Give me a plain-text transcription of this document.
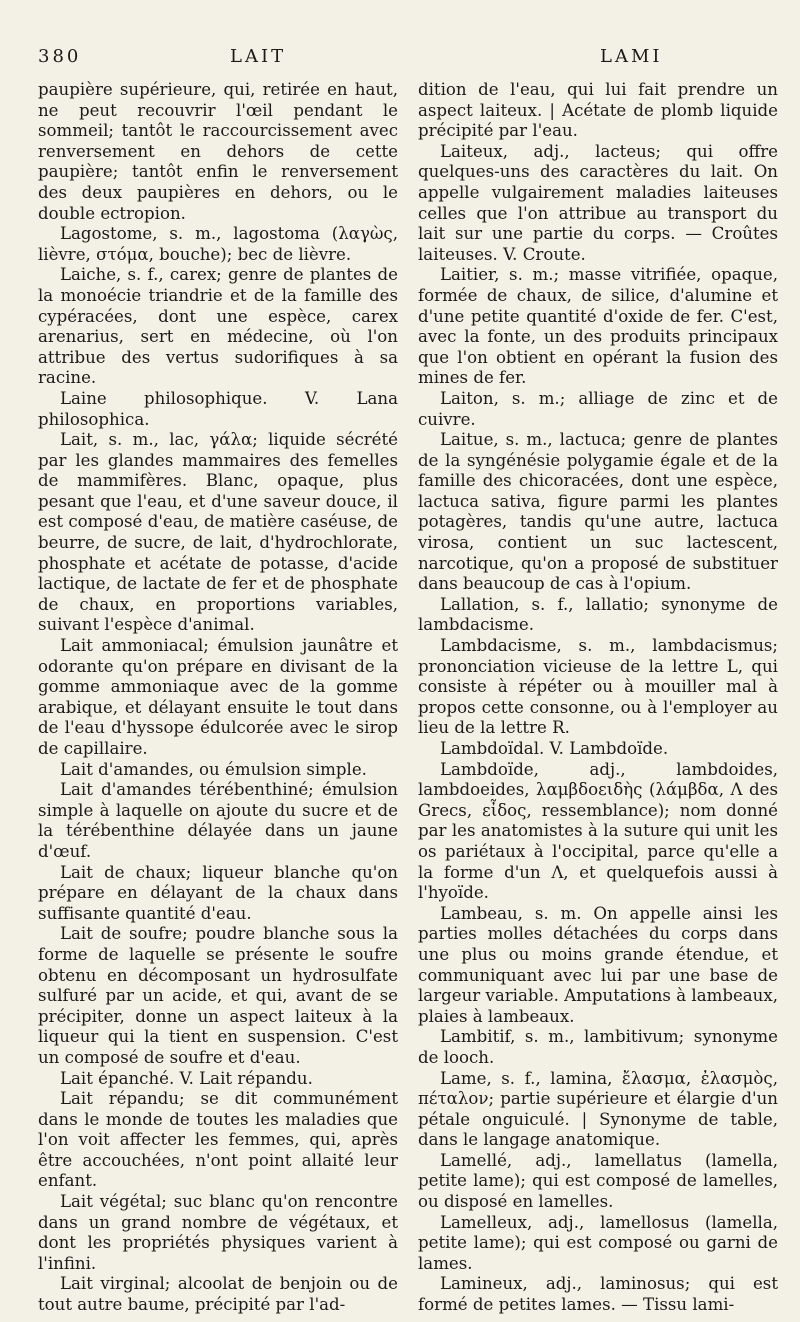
380	LAIT	LAMI

paupière supérieure, qui, retirée en haut, ne peut recouvrir l'œil pendant le sommeil; tantôt le raccourcissement avec renversement en dehors de cette paupière; tantôt enfin le renversement des deux paupières en dehors, ou le double ectropion.

Lagostome, s. m., lagostoma (λαγὼς, lièvre, στόμα, bouche); bec de lièvre.

Laiche, s. f., carex; genre de plantes de la monoécie triandrie et de la famille des cypéracées, dont une espèce, carex arenarius, sert en médecine, où l'on attribue des vertus sudorifiques à sa racine.

Laine philosophique. V. Lana philosophica.

Lait, s. m., lac, γάλα; liquide sécrété par les glandes mammaires des femelles de mammifères. Blanc, opaque, plus pesant que l'eau, et d'une saveur douce, il est composé d'eau, de matière caséuse, de beurre, de sucre, de lait, d'hydrochlorate, phosphate et acétate de potasse, d'acide lactique, de lactate de fer et de phosphate de chaux, en proportions variables, suivant l'espèce d'animal.

Lait ammoniacal; émulsion jaunâtre et odorante qu'on prépare en divisant de la gomme ammoniaque avec de la gomme arabique, et délayant ensuite le tout dans de l'eau d'hyssope édulcorée avec le sirop de capillaire.

Lait d'amandes, ou émulsion simple.

Lait d'amandes térébenthiné; émulsion simple à laquelle on ajoute du sucre et de la térébenthine délayée dans un jaune d'œuf.

Lait de chaux; liqueur blanche qu'on prépare en délayant de la chaux dans suffisante quantité d'eau.

Lait de soufre; poudre blanche sous la forme de laquelle se présente le soufre obtenu en décomposant un hydrosulfate sulfuré par un acide, et qui, avant de se précipiter, donne un aspect laiteux à la liqueur qui la tient en suspension. C'est un composé de soufre et d'eau.

Lait épanché. V. Lait répandu.

Lait répandu; se dit communément dans le monde de toutes les maladies que l'on voit affecter les femmes, qui, après être accouchées, n'ont point allaité leur enfant.

Lait végétal; suc blanc qu'on rencontre dans un grand nombre de végétaux, et dont les propriétés physiques varient à l'infini.

Lait virginal; alcoolat de benjoin ou de tout autre baume, précipité par l'ad-

dition de l'eau, qui lui fait prendre un aspect laiteux. | Acétate de plomb liquide précipité par l'eau.

Laiteux, adj., lacteus; qui offre quelques-uns des caractères du lait. On appelle vulgairement maladies laiteuses celles que l'on attribue au transport du lait sur une partie du corps. — Croûtes laiteuses. V. Croute.

Laitier, s. m.; masse vitrifiée, opaque, formée de chaux, de silice, d'alumine et d'une petite quantité d'oxide de fer. C'est, avec la fonte, un des produits principaux que l'on obtient en opérant la fusion des mines de fer.

Laiton, s. m.; alliage de zinc et de cuivre.

Laitue, s. m., lactuca; genre de plantes de la syngénésie polygamie égale et de la famille des chicoracées, dont une espèce, lactuca sativa, figure parmi les plantes potagères, tandis qu'une autre, lactuca virosa, contient un suc lactescent, narcotique, qu'on a proposé de substituer dans beaucoup de cas à l'opium.

Lallation, s. f., lallatio; synonyme de lambdacisme.

Lambdacisme, s. m., lambdacismus; prononciation vicieuse de la lettre L, qui consiste à répéter ou à mouiller mal à propos cette consonne, ou à l'employer au lieu de la lettre R.

Lambdoïdal. V. Lambdoïde.

Lambdoïde, adj., lambdoides, lambdoeides, λαμβδοειδὴς (λάμβδα, Λ des Grecs, εἶδος, ressemblance); nom donné par les anatomistes à la suture qui unit les os pariétaux à l'occipital, parce qu'elle a la forme d'un Λ, et quelquefois aussi à l'hyoïde.

Lambeau, s. m. On appelle ainsi les parties molles détachées du corps dans une plus ou moins grande étendue, et communiquant avec lui par une base de largeur variable. Amputations à lambeaux, plaies à lambeaux.

Lambitif, s. m., lambitivum; synonyme de looch.

Lame, s. f., lamina, ἔλασμα, ἐλασμὸς, πέταλον; partie supérieure et élargie d'un pétale onguiculé. | Synonyme de table, dans le langage anatomique.

Lamellé, adj., lamellatus (lamella, petite lame); qui est composé de lamelles, ou disposé en lamelles.

Lamelleux, adj., lamellosus (lamella, petite lame); qui est composé ou garni de lames.

Lamineux, adj., laminosus; qui est formé de petites lames. — Tissu lami-
